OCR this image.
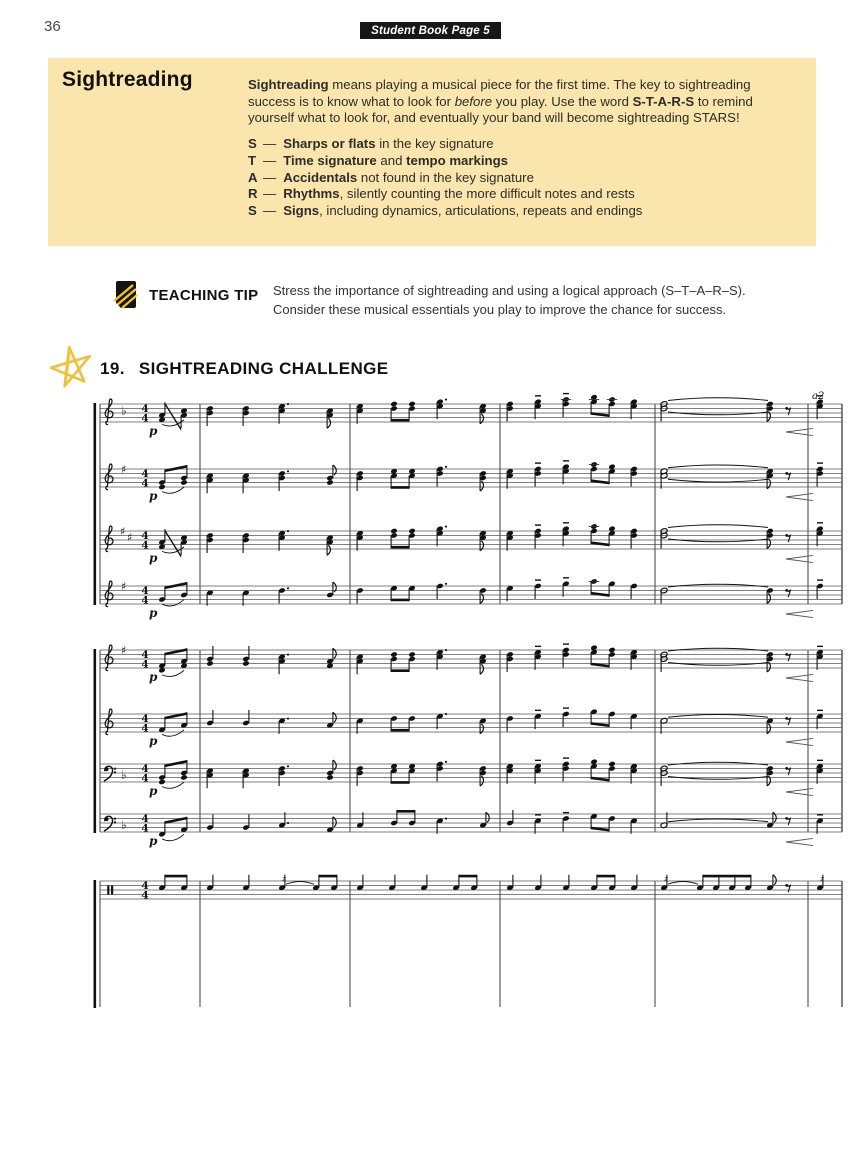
36	Student Book Page 5
Sightreading	Sightreading means playing a musical piece for the first time. The key to sightreading success is to know what to look for before you play. Use the word S-T-A-R-S to remind yourself what to look for, and eventually your band will become sightreading STARS!
S — Sharps or flats in the key signature
T — Time signature and tempo markings
A — Accidentals not found in the key signature
R — Rhythms, silently counting the more difficult notes and rests
S — Signs, including dynamics, articulations, repeats and endings
TEACHING TIP Stress the importance of sightreading and using a logical approach (S–T–A–R–S). Consider these musical essentials you play to improve the chance for success.
19. SIGHTREADING CHALLENGE
♭ 4
4
p
a2
♯ 4
4
p
♯ ♯ 4
4
p
♯ 4
4
p
♯ 4
4
p
4
4
p
♭ 4
4
p
♭ 4
4
p
4
4
z	z	z
